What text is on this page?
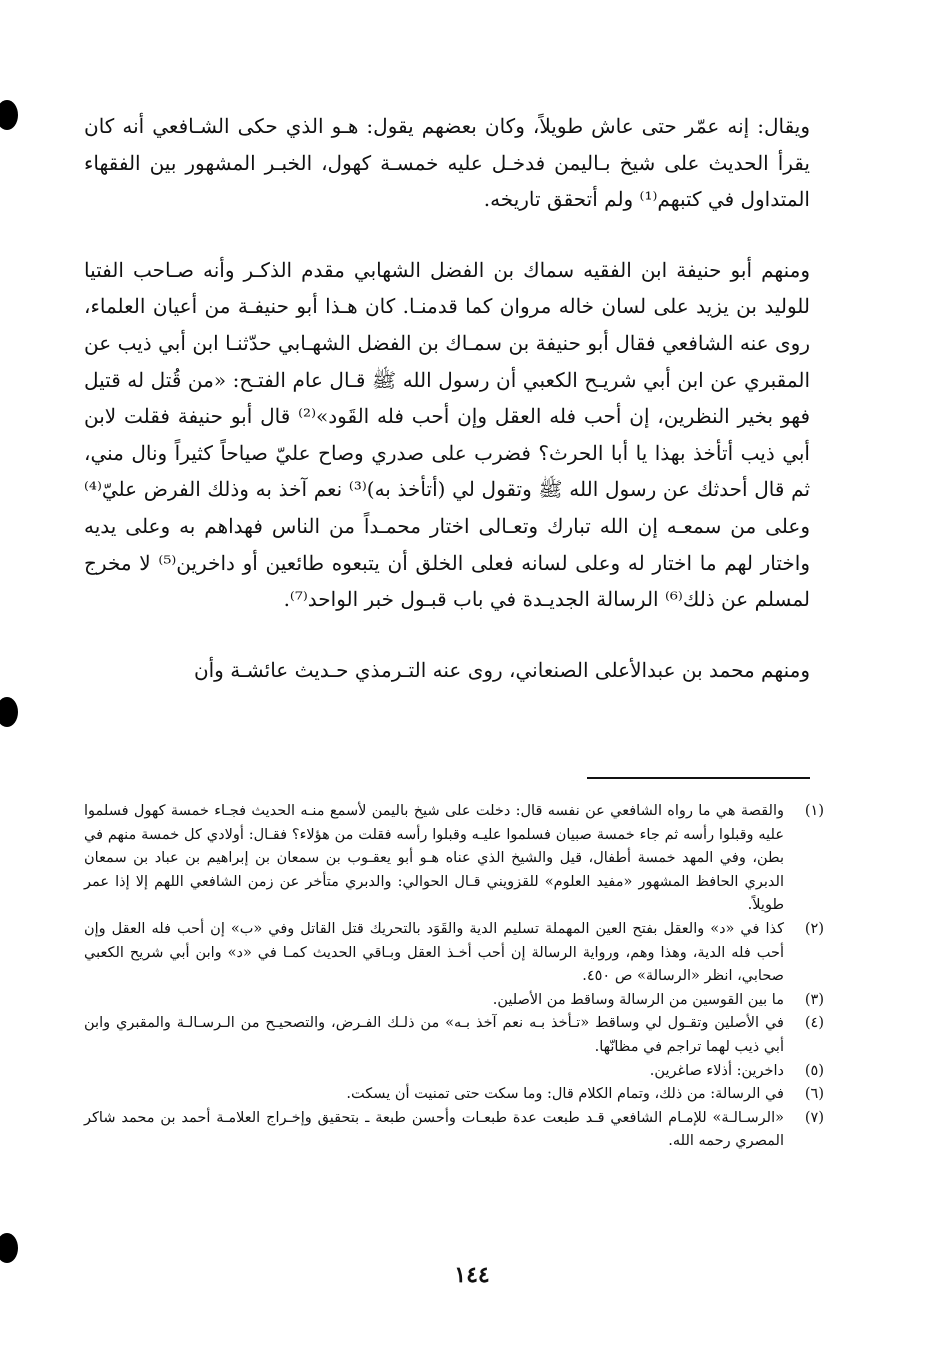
ويقال: إنه عمّر حتى عاش طويلاً، وكان بعضهم يقول: هـو الذي حكى الشـافعي أنه كان يقرأ الحديث على شيخ بـاليمن فدخـل عليه خمسـة كهول، الخبـر المشهور بين الفقهاء المتداول في كتبهم⁽¹⁾ ولم أتحقق تاريخه.

ومنهم أبو حنيفة ابن الفقيه سماك بن الفضل الشهابي مقدم الذكـر وأنه صـاحب الفتيا للوليد بن يزيد على لسان خاله مروان كما قدمنـا. كان هـذا أبو حنيفـة من أعيان العلماء، روى عنه الشافعي فقال أبو حنيفة بن سمـاك بن الفضل الشهـابي حدّثنـا ابن أبي ذيب عن المقبري عن ابن أبي شريـح الكعبي أن رسول الله ﷺ قـال عام الفتـح: «من قُتل له قتيل فهو بخير النظرين، إن أحب فله العقل وإن أحب فله القَود»⁽²⁾ قال أبو حنيفة فقلت لابن أبي ذيب أتأخذ بهذا يا أبا الحرث؟ فضرب على صدري وصاح عليّ صياحاً كثيراً ونال مني، ثم قال أحدثك عن رسول الله ﷺ وتقول لي (أتأخذ به)⁽³⁾ نعم آخذ به وذلك الفرض عليّ⁽⁴⁾ وعلى من سمعـه إن الله تبارك وتعـالى اختار محمـداً من الناس فهداهم به وعلى يديه واختار لهم ما اختار له وعلى لسانه فعلى الخلق أن يتبعوه طائعين أو داخرين⁽⁵⁾ لا مخرج لمسلم عن ذلك⁽⁶⁾ الرسالة الجديـدة في باب قبـول خبر الواحد⁽⁷⁾.

ومنهم محمد بن عبدالأعلى الصنعاني، روى عنه التـرمذي حـديث عائشـة وأن

(١)
والقصة هي ما رواه الشافعي عن نفسه قال: دخلت على شيخ باليمن لأسمع منـه الحديث فجـاء خمسة كهول فسلموا عليه وقبلوا رأسه ثم جاء خمسة صبيان فسلموا عليـه وقبلوا رأسه فقلت من هؤلاء؟ فقـال: أولادي كل خمسة منهم في بطن، وفي المهد خمسة أطفال، قيل والشيخ الذي عناه هـو أبو يعقـوب بن سمعان بن إبراهيم بن عباد بن سمعان الدبري الحافظ المشهور «مفيد العلوم» للقزويني قـال الحوالي: والدبري متأخر عن زمن الشافعي اللهم إلا إذا عمر طويلاً.
(٢)
كذا في «د» والعقل بفتح العين المهملة تسليم الدية والقَوَد بالتحريك قتل القاتل وفي «ب» إن أحب فله العقل وإن أحب فله الدية، وهذا وهم، ورواية الرسالة إن أحب أخـذ العقل وبـاقي الحديث كمـا في «د» وابن أبي شريح الكعبي صحابي، انظر «الرسالة» ص ٤٥٠.
(٣)
ما بين القوسين من الرسالة وساقط من الأصلين.
(٤)
في الأصلين وتقـول لي وساقط «تـأخذ بـه نعم آخذ بـه» من ذلـك الفـرض، والتصحيـح من الـرسـالـة والمقبري وابن أبي ذيب لهما تراجم في مظانّها.
(٥)
داخرين: أذلاء صاغرين.
(٦)
في الرسالة: من ذلك، وتمام الكلام قال: وما سكت حتى تمنيت أن يسكت.
(٧)
«الرسـالـة» للإمـام الشافعي قـد طبعت عدة طبعـات وأحسن طبعة ـ بتحقيق وإخـراج العلامـة أحمد بن محمد شاكر المصري رحمه الله.
١٤٤
